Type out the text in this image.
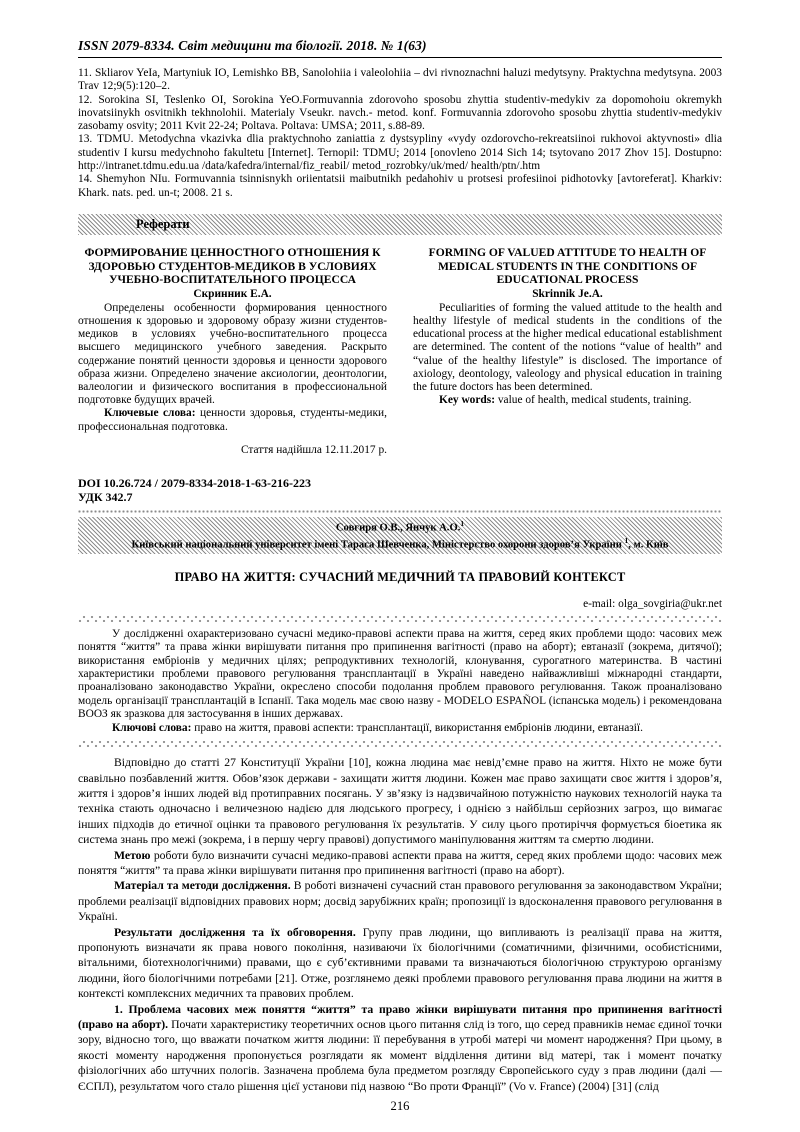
ISSN 2079-8334. Світ медицини та біології. 2018. № 1(63)

11. Skliarov YeIa, Martyniuk IO, Lemishko BB, Sanolohiia i valeolohiia – dvi rivnoznachni haluzi medytsyny. Praktychna medytsyna. 2003 Trav 12;9(5):120–2.

12. Sorokina SI, Teslenko OI, Sorokina YeO.Formuvannia zdorovoho sposobu zhyttia studentiv-medykiv za dopomohoiu okremykh inovatsiinykh osvitnikh tekhnolohii. Materialy Vseukr. navch.- metod. konf. Formuvannia zdorovoho sposobu zhyttia studentiv-medykiv zasobamy osvity; 2011 Kvit 22-24; Poltava. Poltava: UMSA; 2011, s.88-89.

13. TDMU. Metodychna vkazivka dlia praktychnoho zaniattia z dystsypliny «vydy ozdorovcho-rekreatsiinoi rukhovoi aktyvnosti» dlia studentiv I kursu medychnoho fakultetu [Internet]. Ternopil: TDMU; 2014 [onovleno 2014 Sich 14; tsytovano 2017 Zhov 15]. Dostupno: http://intranet.tdmu.edu.ua /data/kafedra/internal/fiz_reabil/ metod_rozrobky/uk/med/ health/ptn/.htm

14. Shemyhon NIu. Formuvannia tsinnisnykh oriientatsii maibutnikh pedahohiv u protsesi profesiinoi pidhotovky [avtoreferat]. Kharkiv: Khark. nats. ped. un-t; 2008. 21 s.

Реферати
ФОРМИРОВАНИЕ ЦЕННОСТНОГО ОТНОШЕНИЯ К ЗДОРОВЬЮ СТУДЕНТОВ-МЕДИКОВ В УСЛОВИЯХ УЧЕБНО-ВОСПИТАТЕЛЬНОГО ПРОЦЕССА
Скринник Е.А.

Определены особенности формирования ценностного отношения к здоровью и здоровому образу жизни студентов-медиков в условиях учебно-воспитательного процесса высшего медицинского учебного заведения. Раскрыто содержание понятий ценности здоровья и ценности здорового образа жизни. Определено значение аксиологии, деонтологии, валеологии и физического воспитания в профессиональной подготовке будущих врачей.

Ключевые слова: ценности здоровья, студенты-медики, профессиональная подготовка.

Стаття надійшла 12.11.2017 р.
FORMING OF VALUED ATTITUDE TO HEALTH OF MEDICAL STUDENTS IN THE CONDITIONS OF EDUCATIONAL PROCESS
Skrinnik Je.A.

Peculiarities of forming the valued attitude to the health and healthy lifestyle of medical students in the conditions of the educational process at the higher medical educational establishment are determined. The content of the notions “value of health” and “value of the healthy lifestyle” is disclosed. The importance of axiology, deontology, valeology and physical education in training the future doctors has been determined.

Key words: value of health, medical students, training.

DOI 10.26.724 / 2079-8334-2018-1-63-216-223
УДК 342.7
Совгиря О.В., Янчук А.О.$^1$
Київський національний університет імені Тараса Шевченка, Міністерство охорони здоров’я України $^1$, м. Київ
ПРАВО НА ЖИТТЯ: СУЧАСНИЙ МЕДИЧНИЙ ТА ПРАВОВИЙ КОНТЕКСТ
e-mail: olga_sovgiria@ukr.net

У дослідженні охарактеризовано сучасні медико-правові аспекти права на життя, серед яких проблеми щодо: часових меж поняття “життя” та права жінки вирішувати питання про припинення вагітності (право на аборт); евтаназії (зокрема, дитячої); використання ембріонів у медичних цілях; репродуктивних технологій, клонування, сурогатного материнства. В частині характеристики проблеми правового регулювання трансплантації в Україні наведено найважливіші міжнародні стандарти, проаналізовано законодавство України, окреслено способи подолання проблем правового регулювання. Також проаналізовано модель організації трансплантацій в Іспанії. Така модель має свою назву - MODELO ESPAÑOL (іспанська модель) і рекомендована ВООЗ як зразкова для застосування в інших державах.

Ключові слова: право на життя, правові аспекти: трансплантації, використання ембріонів людини, евтаназії.

Відповідно до статті 27 Конституції України [10], кожна людина має невід’ємне право на життя. Ніхто не може бути свавільно позбавлений життя. Обов’язок держави - захищати життя людини. Кожен має право захищати своє життя і здоров’я, життя і здоров’я інших людей від протиправних посягань. У зв’язку із надзвичайною потужністю наукових технологій наука та техніка стають одночасно і величезною надією для людського прогресу, і однією з найбільш серйозних загроз, що вимагає інших підходів до етичної оцінки та правового регулювання їх результатів. У силу цього протиріччя формується біоетика як система знань про межі (зокрема, і в першу чергу правові) допустимого маніпулювання життям та смертю людини.

Метою роботи було визначити сучасні медико-правові аспекти права на життя, серед яких проблеми щодо: часових меж поняття “життя” та права жінки вирішувати питання про припинення вагітності (право на аборт).

Матеріал та методи дослідження. В роботі визначені сучасний стан правового регулювання за законодавством України; проблеми реалізації відповідних правових норм; досвід зарубіжних країн; пропозиції із вдосконалення правового регулювання в Україні.

Результати дослідження та їх обговорення. Групу прав людини, що випливають із реалізації права на життя, пропонують визначати як права нового покоління, називаючи їх біологічними (соматичними, фізичними, особистісними, вітальними, біотехнологічними) правами, що є суб’єктивними правами та визначаються біологічною структурою організму людини, його біологічними потребами [21]. Отже, розглянемо деякі проблеми правового регулювання права людини на життя в контексті комплексних медичних та правових проблем.

1. Проблема часових меж поняття “життя” та право жінки вирішувати питання про припинення вагітності (право на аборт). Почати характеристику теоретичних основ цього питання слід із того, що серед правників немає єдиної точки зору, відносно того, що вважати початком життя людини: її перебування в утробі матері чи момент народження? При цьому, в якості моменту народження пропонується розглядати як момент відділення дитини від матері, так і момент початку фізіологічних або штучних пологів. Зазначена проблема була предметом розгляду Європейського суду з прав людини (далі — ЄСПЛ), результатом чого стало рішення цієї установи під назвою “Во проти Франції” (Vo v. France) (2004) [31] (слід

216
